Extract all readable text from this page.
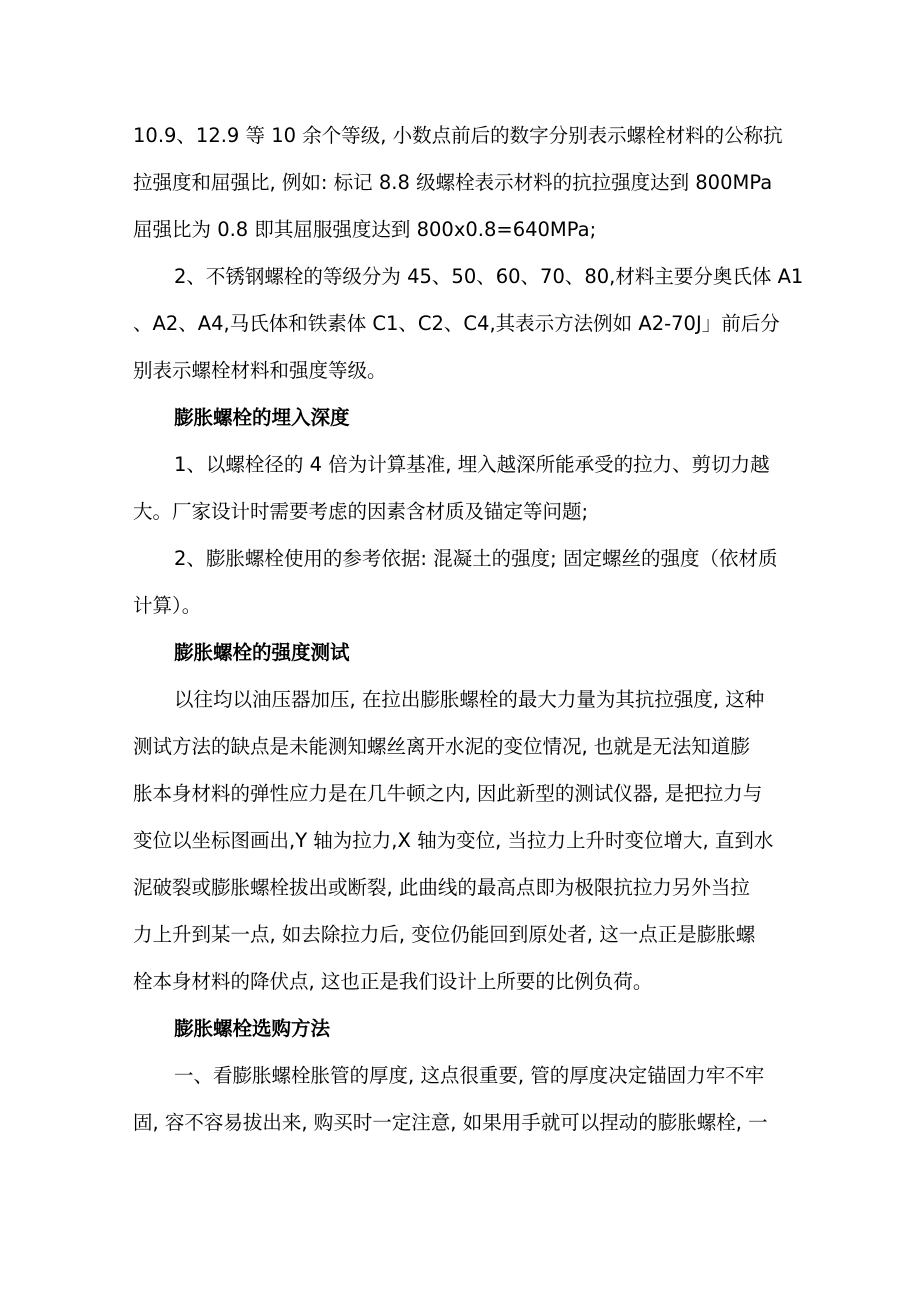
10.9、12.9 等 10 余个等级, 小数点前后的数字分别表示螺栓材料的公称抗
拉强度和屈强比, 例如: 标记 8.8 级螺栓表示材料的抗拉强度达到 800MPa
屈强比为 0.8 即其屈服强度达到 800x0.8=640MPa;

2、不锈钢螺栓的等级分为 45、50、60、70、80,材料主要分奥氏体 A1
、A2、A4,马氏体和铁素体 C1、C2、C4,其表示方法例如 A2-70J」前后分
别表示螺栓材料和强度等级。

膨胀螺栓的埋入深度

1、以螺栓径的 4 倍为计算基准, 埋入越深所能承受的拉力、剪切力越
大。厂家设计时需要考虑的因素含材质及锚定等问题;

2、膨胀螺栓使用的参考依据: 混凝土的强度; 固定螺丝的强度（依材质
计算）。

膨胀螺栓的强度测试

以往均以油压器加压, 在拉出膨胀螺栓的最大力量为其抗拉强度, 这种
测试方法的缺点是未能测知螺丝离开水泥的变位情况, 也就是无法知道膨
胀本身材料的弹性应力是在几牛顿之内, 因此新型的测试仪器, 是把拉力与
变位以坐标图画出,Y 轴为拉力,X 轴为变位, 当拉力上升时变位增大, 直到水
泥破裂或膨胀螺栓拔出或断裂, 此曲线的最高点即为极限抗拉力另外当拉
力上升到某一点, 如去除拉力后, 变位仍能回到原处者, 这一点正是膨胀螺
栓本身材料的降伏点, 这也正是我们设计上所要的比例负荷。

膨胀螺栓选购方法

一、看膨胀螺栓胀管的厚度, 这点很重要, 管的厚度决定锚固力牢不牢
固, 容不容易拔出来, 购买时一定注意, 如果用手就可以捏动的膨胀螺栓, 一
